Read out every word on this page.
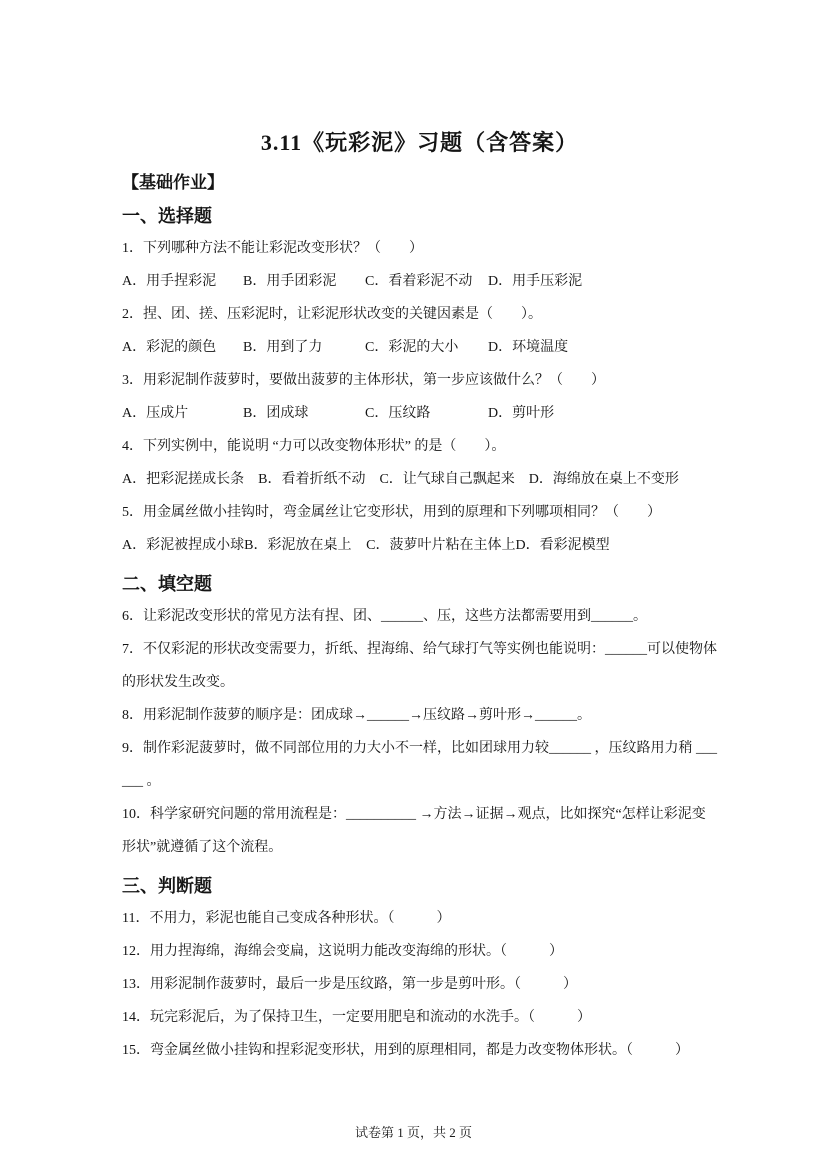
3.11《玩彩泥》习题（含答案）
【基础作业】
一、选择题

1．下列哪种方法不能让彩泥改变形状？（　　）

A．用手捏彩泥	B．用手团彩泥	C．看着彩泥不动	D．用手压彩泥

2．捏、团、搓、压彩泥时，让彩泥形状改变的关键因素是（　　）。

A．彩泥的颜色	B．用到了力	C．彩泥的大小	D．环境温度

3．用彩泥制作菠萝时，要做出菠萝的主体形状，第一步应该做什么？（　　）

A．压成片	B．团成球	C．压纹路	D．剪叶形

4．下列实例中，能说明 “力可以改变物体形状” 的是（　　）。

A．把彩泥搓成长条　B．看着折纸不动　C．让气球自己飘起来　D．海绵放在桌上不变形

5．用金属丝做小挂钩时，弯金属丝让它变形状，用到的原理和下列哪项相同？（　　）

A．彩泥被捏成小球 B．彩泥放在桌上	C．菠萝叶片粘在主体上 D．看彩泥模型
二、填空题

6．让彩泥改变形状的常见方法有捏、团、______、压，这些方法都需要用到______。

7．不仅彩泥的形状改变需要力，折纸、捏海绵、给气球打气等实例也能说明：______可以使物体的形状发生改变。

8．用彩泥制作菠萝的顺序是：团成球→______→压纹路→剪叶形→______。

9．制作彩泥菠萝时，做不同部位用的力大小不一样，比如团球用力较______ ，压纹路用力稍 ______ 。

10．科学家研究问题的常用流程是：__________ →方法→证据→观点，比如探究“怎样让彩泥变形状”就遵循了这个流程。

三、判断题

11．不用力，彩泥也能自己变成各种形状。（　　　）

12．用力捏海绵，海绵会变扁，这说明力能改变海绵的形状。（　　　）

13．用彩泥制作菠萝时，最后一步是压纹路，第一步是剪叶形。（　　　）

14．玩完彩泥后，为了保持卫生，一定要用肥皂和流动的水洗手。（　　　）

15．弯金属丝做小挂钩和捏彩泥变形状，用到的原理相同，都是力改变物体形状。（　　　）

试卷第 1 页，共 2 页
